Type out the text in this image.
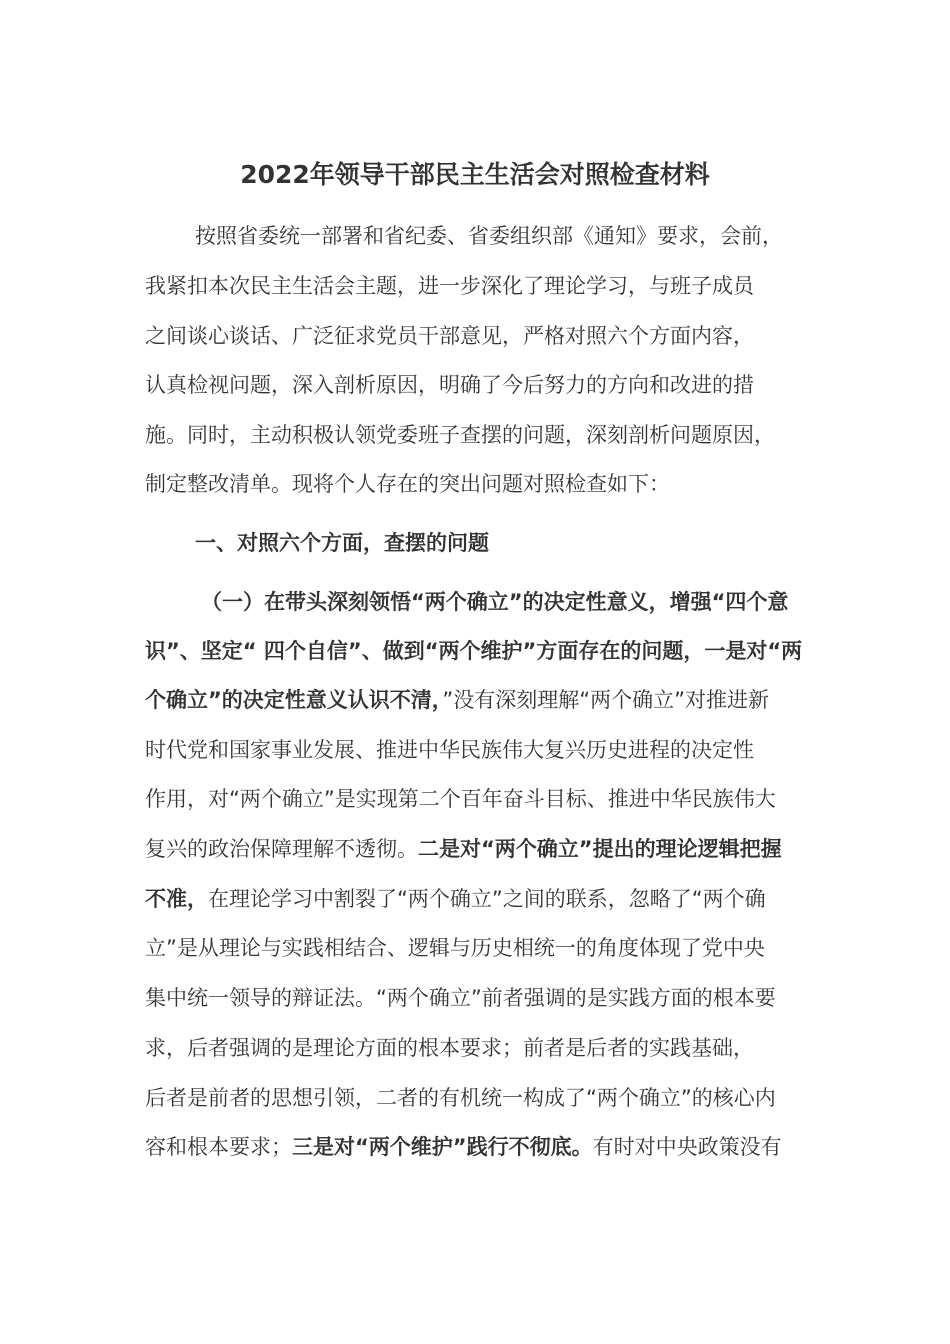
2022年领导干部民主生活会对照检查材料

按照省委统一部署和省纪委、省委组织部《通知》要求，会前，

我紧扣本次民主生活会主题，进一步深化了理论学习，与班子成员

之间谈心谈话、广泛征求党员干部意见，严格对照六个方面内容，

认真检视问题，深入剖析原因，明确了今后努力的方向和改进的措

施。同时，主动积极认领党委班子查摆的问题，深刻剖析问题原因，

制定整改清单。现将个人存在的突出问题对照检查如下：

一、对照六个方面，查摆的问题

（一）在带头深刻领悟“两个确立”的决定性意义，增强“四个意

识”、坚定“ 四个自信”、做到“两个维护”方面存在的问题，一是对“两

个确立”的决定性意义认识不清，”没有深刻理解“两个确立”对推进新

时代党和国家事业发展、推进中华民族伟大复兴历史进程的决定性

作用，对“两个确立”是实现第二个百年奋斗目标、推进中华民族伟大

复兴的政治保障理解不透彻。二是对“两个确立”提出的理论逻辑把握

不准，在理论学习中割裂了“两个确立”之间的联系，忽略了“两个确

立”是从理论与实践相结合、逻辑与历史相统一的角度体现了党中央

集中统一领导的辩证法。“两个确立”前者强调的是实践方面的根本要

求，后者强调的是理论方面的根本要求；前者是后者的实践基础，

后者是前者的思想引领，二者的有机统一构成了“两个确立”的核心内

容和根本要求；三是对“两个维护”践行不彻底。有时对中央政策没有
